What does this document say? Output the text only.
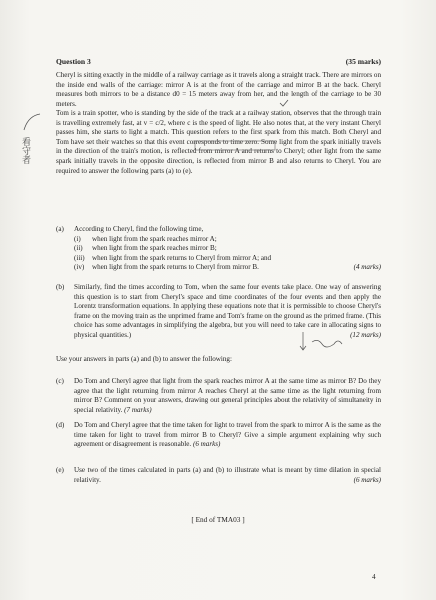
Question 3	(35 marks)
Cheryl is sitting exactly in the middle of a railway carriage as it travels along a straight track. There are mirrors on the inside end walls of the carriage: mirror A is at the front of the carriage and mirror B at the back. Cheryl measures both mirrors to be a distance d0 = 15 meters away from her, and the length of the carriage to be 30 meters.
Tom is a train spotter, who is standing by the side of the track at a railway station, observes that the through train is travelling extremely fast, at v = c/2, where c is the speed of light. He also notes that, at the very instant Cheryl passes him, she starts to light a match. This question refers to the first spark from this match. Both Cheryl and Tom have set their watches so that this event corresponds to time zero. Some light from the spark initially travels in the direction of the train's motion, is reflected from mirror A and returns to Cheryl; other light from the same spark initially travels in the opposite direction, is reflected from mirror B and also returns to Cheryl. You are required to answer the following parts (a) to (e).
(a) According to Cheryl, find the following time,
(i) when light from the spark reaches mirror A;
(ii) when light from the spark reaches mirror B;
(iii) when light from the spark returns to Cheryl from mirror A; and
(iv) when light from the spark returns to Cheryl from mirror B.	(4 marks)
(b) Similarly, find the times according to Tom, when the same four events take place. One way of answering this question is to start from Cheryl's space and time coordinates of the four events and then apply the Lorentz transformation equations. In applying these equations note that it is permissible to choose Cheryl's frame on the moving train as the unprimed frame and Tom's frame on the ground as the primed frame. (This choice has some advantages in simplifying the algebra, but you will need to take care in allocating signs to physical quantities.)	(12 marks)
Use your answers in parts (a) and (b) to answer the following:
(c) Do Tom and Cheryl agree that light from the spark reaches mirror A at the same time as mirror B? Do they agree that the light returning from mirror A reaches Cheryl at the same time as the light returning from mirror B? Comment on your answers, drawing out general principles about the relativity of simultaneity in special relativity. (7 marks)
(d) Do Tom and Cheryl agree that the time taken for light to travel from the spark to mirror A is the same as the time taken for light to travel from mirror B to Cheryl? Give a simple argument explaining why such agreement or disagreement is reasonable. (6 marks)
(e) Use two of the times calculated in parts (a) and (b) to illustrate what is meant by time dilation in special relativity.	(6 marks)
[ End of TMA03 ]
4
看守者
